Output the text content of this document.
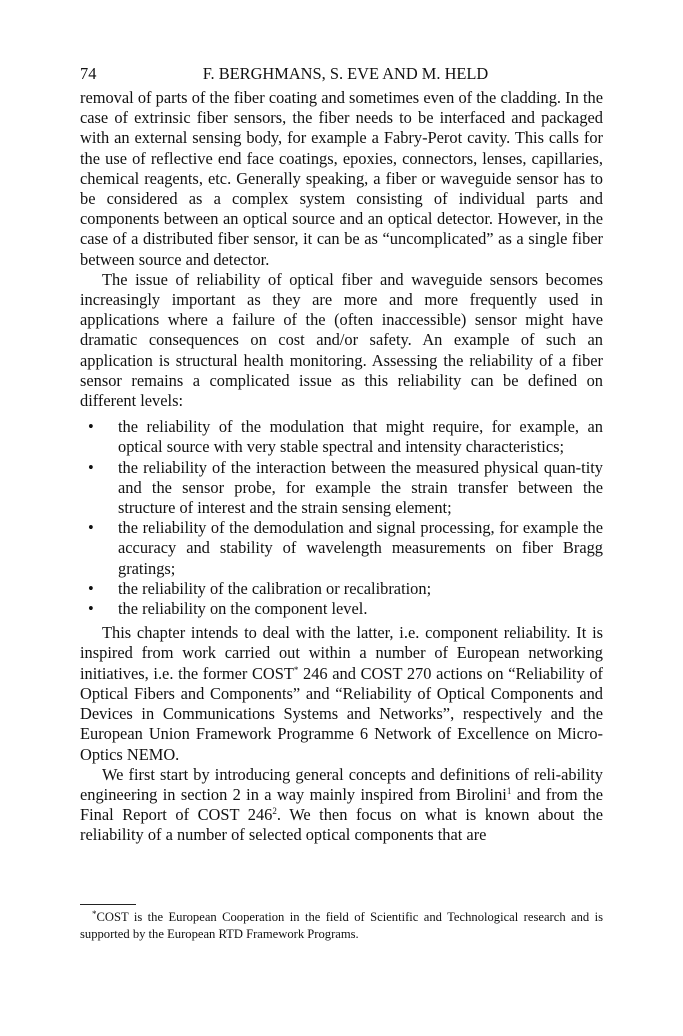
74	F. BERGHMANS, S. EVE AND M. HELD

removal of parts of the fiber coating and sometimes even of the cladding. In the case of extrinsic fiber sensors, the fiber needs to be interfaced and packaged with an external sensing body, for example a Fabry-Perot cavity. This calls for the use of reflective end face coatings, epoxies, connectors, lenses, capillaries, chemical reagents, etc. Generally speaking, a fiber or waveguide sensor has to be considered as a complex system consisting of individual parts and components between an optical source and an optical detector. However, in the case of a distributed fiber sensor, it can be as “uncomplicated” as a single fiber between source and detector.

The issue of reliability of optical fiber and waveguide sensors becomes increasingly important as they are more and more frequently used in applications where a failure of the (often inaccessible) sensor might have dramatic consequences on cost and/or safety. An example of such an application is structural health monitoring. Assessing the reliability of a fiber sensor remains a complicated issue as this reliability can be defined on different levels:

• the reliability of the modulation that might require, for example, an optical source with very stable spectral and intensity characteristics;
• the reliability of the interaction between the measured physical quan-tity and the sensor probe, for example the strain transfer between the structure of interest and the strain sensing element;
• the reliability of the demodulation and signal processing, for example the accuracy and stability of wavelength measurements on fiber Bragg gratings;
• the reliability of the calibration or recalibration;
• the reliability on the component level.

This chapter intends to deal with the latter, i.e. component reliability. It is inspired from work carried out within a number of European networking initiatives, i.e. the former COST* 246 and COST 270 actions on “Reliability of Optical Fibers and Components” and “Reliability of Optical Components and Devices in Communications Systems and Networks”, respectively and the European Union Framework Programme 6 Network of Excellence on Micro-Optics NEMO.

We first start by introducing general concepts and definitions of reli-ability engineering in section 2 in a way mainly inspired from Birolini$^1$ and from the Final Report of COST $246^2$. We then focus on what is known about the reliability of a number of selected optical components that are

*COST is the European Cooperation in the field of Scientific and Technological research and is supported by the European RTD Framework Programs.
